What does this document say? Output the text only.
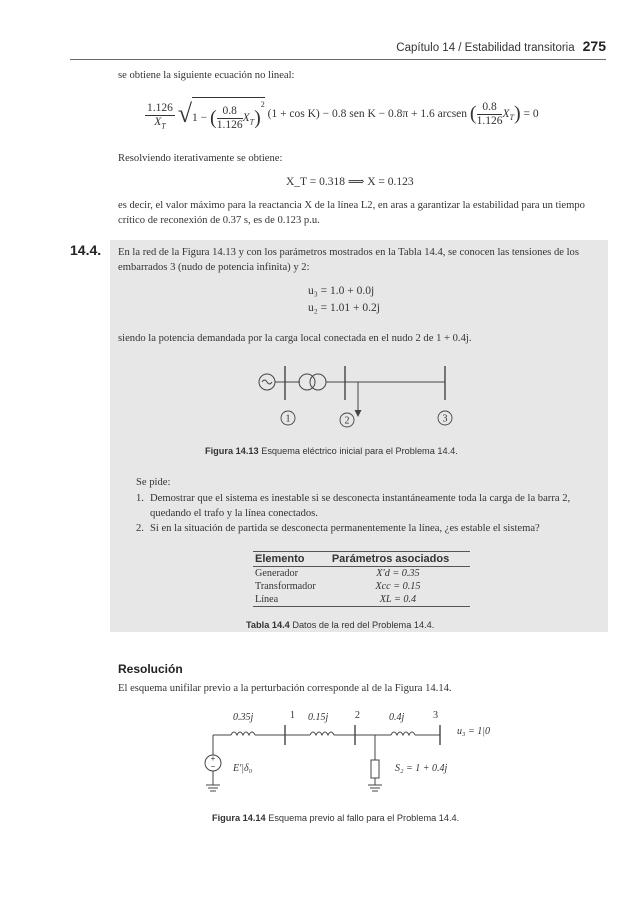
Capítulo 14 / Estabilidad transitoria 275
se obtiene la siguiente ecuación no lineal:
$\frac{1.126}{X_T} √1$ − ( $\frac{0.8}{1.126} X_T)^2$ (1 + cos K) − 0.8 sen K − 0.8π + 1.6 arcsen ( $\frac{0.8}{1.126} X_T) = 0$
Resolviendo iterativamente se obtiene:
X_T = 0.318 ⟹ X = 0.123
es decir, el valor máximo para la reactancia X de la línea L2, en aras a garantizar la estabilidad para un tiempo crítico de reconexión de 0.37 s, es de 0.123 p.u.
14.4. En la red de la Figura 14.13 y con los parámetros mostrados en la Tabla 14.4, se conocen las tensiones de los embarrados 3 (nudo de potencia infinita) y 2:
u₃ = 1.0 + 0.0j
u₂ = 1.01 + 0.2j
siendo la potencia demandada por la carga local conectada en el nudo 2 de 1 + 0.4j.
1	2	3
Figura 14.13 Esquema eléctrico inicial para el Problema 14.4.
Se pide:
1. Demostrar que el sistema es inestable si se desconecta instantáneamente toda la carga de la barra 2, quedando el trafo y la línea conectados.
2. Si en la situación de partida se desconecta permanentemente la línea, ¿es estable el sistema?
Elemento	Parámetros asociados
Generador	X′d = 0.35
Transformador	Xcc = 0.15
Línea	XL = 0.4
Tabla 14.4 Datos de la red del Problema 14.4.
Resolución
El esquema unifilar previo a la perturbación corresponde al de la Figura 14.14.
0.35j	1 0.15j	2	0.4j	3
u₃ = 1|0
E′|δ₀	S₂ = 1 + 0.4j
+
−
Figura 14.14 Esquema previo al fallo para el Problema 14.4.
